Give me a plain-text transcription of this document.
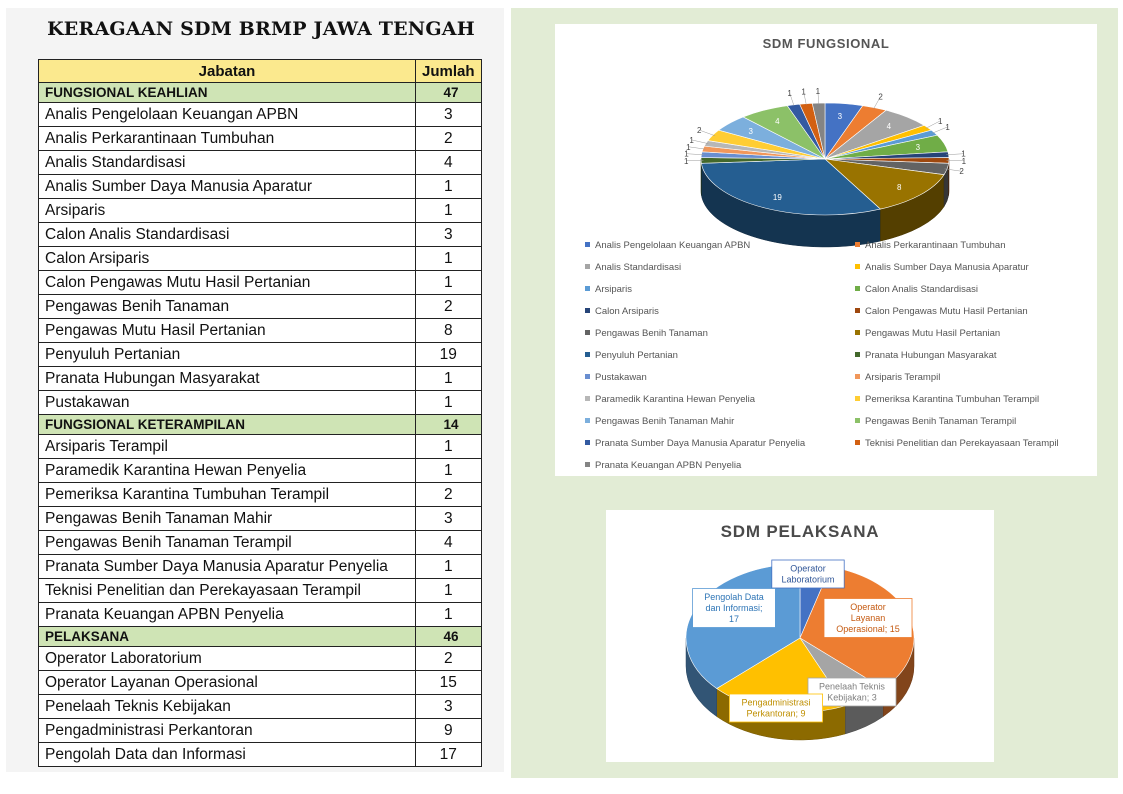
KERAGAAN SDM BRMP JAWA TENGAH
Jabatan	Jumlah
FUNGSIONAL KEAHLIAN	47
Analis Pengelolaan Keuangan APBN	3
Analis Perkarantinaan Tumbuhan	2
Analis Standardisasi	4
Analis Sumber Daya Manusia Aparatur	1
Arsiparis	1
Calon Analis Standardisasi	3
Calon Arsiparis	1
Calon Pengawas Mutu Hasil Pertanian	1
Pengawas Benih Tanaman	2
Pengawas Mutu Hasil Pertanian	8
Penyuluh Pertanian	19
Pranata Hubungan Masyarakat	1
Pustakawan	1
FUNGSIONAL KETERAMPILAN	14
Arsiparis Terampil	1
Paramedik Karantina Hewan Penyelia	1
Pemeriksa Karantina Tumbuhan Terampil	2
Pengawas Benih Tanaman Mahir	3
Pengawas Benih Tanaman Terampil	4
Pranata Sumber Daya Manusia Aparatur Penyelia	1
Teknisi Penelitian dan Perekayasaan Terampil	1
Pranata Keuangan APBN Penyelia	1
PELAKSANA	46
Operator Laboratorium	2
Operator Layanan Operasional	15
Penelaah Teknis Kebijakan	3
Pengadministrasi Perkantoran	9
Pengolah Data dan Informasi	17
SDM FUNGSIONAL
3
2
4
1
1
3
1
1
2
8
19
1
1
1
1
2	3
4
1 1 1
Analis Pengelolaan Keuangan APBN	Analis Perkarantinaan Tumbuhan
Analis Standardisasi	Analis Sumber Daya Manusia Aparatur
Arsiparis	Calon Analis Standardisasi
Calon Arsiparis	Calon Pengawas Mutu Hasil Pertanian
Pengawas Benih Tanaman	Pengawas Mutu Hasil Pertanian
Penyuluh Pertanian	Pranata Hubungan Masyarakat
Pustakawan	Arsiparis Terampil
Paramedik Karantina Hewan Penyelia	Pemeriksa Karantina Tumbuhan Terampil
Pengawas Benih Tanaman Mahir	Pengawas Benih Tanaman Terampil
Pranata Sumber Daya Manusia Aparatur Penyelia	Teknisi Penelitian dan Perekayasaan Terampil
Pranata Keuangan APBN Penyelia
SDM PELAKSANA
Operator Laboratorium
Operator Layanan Operasional; 15
Penelaah Teknis Kebijakan; 3
Pengadministrasi Perkantoran; 9
Pengolah Data dan Informasi; 17
